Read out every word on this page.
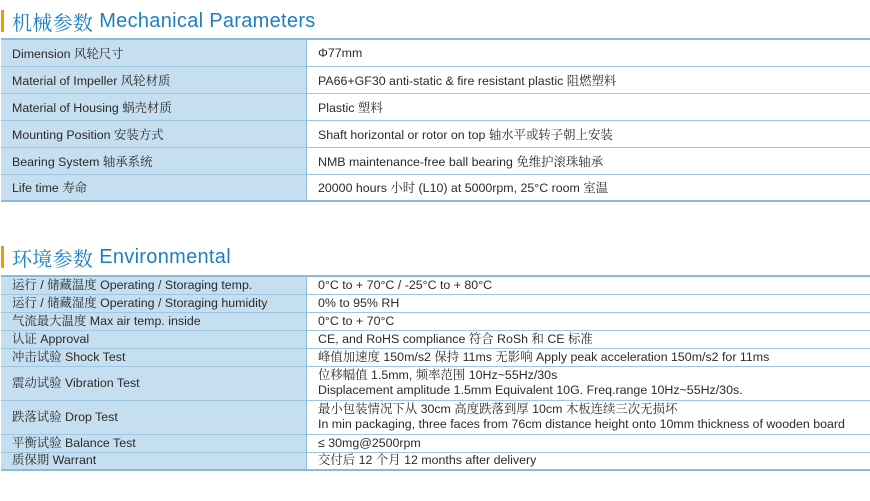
机械参数 Mechanical Parameters
Dimension 风轮尺寸	Φ77mm
Material of Impeller 风轮材质	PA66+GF30 anti-static & fire resistant plastic 阻燃塑料
Material of Housing 蜗壳材质	Plastic 塑料
Mounting Position 安装方式	Shaft horizontal or rotor on top 轴水平或转子朝上安装
Bearing System 轴承系统	NMB maintenance-free ball bearing 免维护滚珠轴承
Life time 寿命	20000 hours 小时 (L10) at 5000rpm, 25°C room 室温
环境参数 Environmental
运行 / 储藏温度 Operating / Storaging temp.	0°C to + 70°C / -25°C to + 80°C
运行 / 储藏湿度 Operating / Storaging humidity	0% to 95% RH
气流最大温度 Max air temp. inside	0°C to + 70°C
认证 Approval	CE, and RoHS compliance 符合 RoSh 和 CE 标准
冲击试验 Shock Test	峰值加速度 150m/s2 保持 11ms 无影响 Apply peak acceleration 150m/s2 for 11ms
震动试验 Vibration Test	位移幅值 1.5mm, 频率范围 10Hz~55Hz/30s
Displacement amplitude 1.5mm Equivalent 10G. Freq.range 10Hz~55Hz/30s.

跌落试验 Drop Test	最小包装情况下从 30cm 高度跌落到厚 10cm 木板连续三次无损坏
In min packaging, three faces from 76cm distance height onto 10mm thickness of wooden board

平衡试验 Balance Test	≤ 30mg@2500rpm
质保期 Warrant	交付后 12 个月 12 months after delivery
